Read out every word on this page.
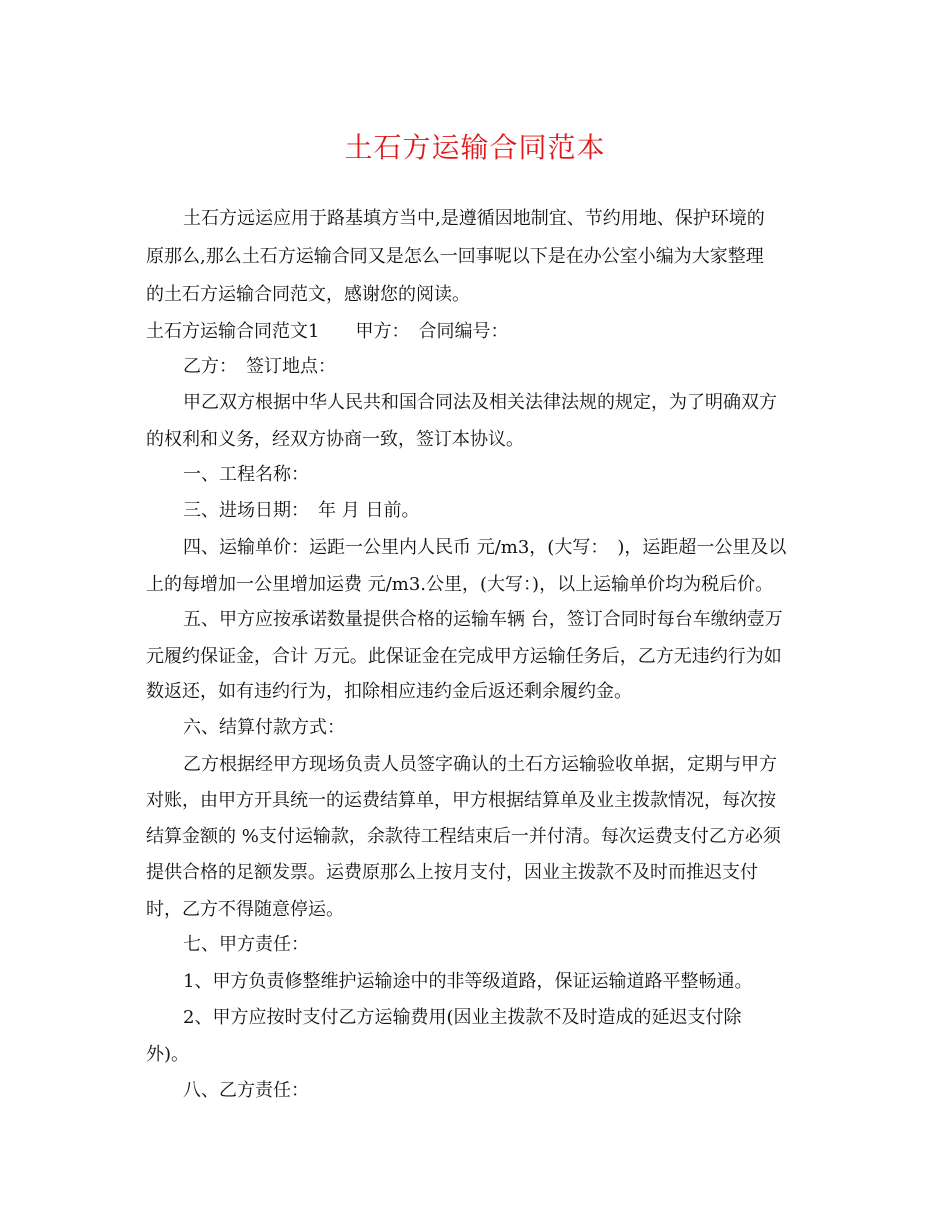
土石方运输合同范本
土石方远运应用于路基填方当中,是遵循因地制宜、节约用地、保护环境的
原那么,那么土石方运输合同又是怎么一回事呢以下是在办公室小编为大家整理
的土石方运输合同范文，感谢您的阅读。
土石方运输合同范文1　　甲方：　合同编号：
乙方：　签订地点：
甲乙双方根据中华人民共和国合同法及相关法律法规的规定，为了明确双方
的权利和义务，经双方协商一致，签订本协议。
一、工程名称：
三、进场日期：　年 月 日前。
四、运输单价：运距一公里内人民币 元/m3，(大写：　)，运距超一公里及以
上的每增加一公里增加运费 元/m3.公里，(大写：)，以上运输单价均为税后价。
五、甲方应按承诺数量提供合格的运输车辆 台，签订合同时每台车缴纳壹万
元履约保证金，合计 万元。此保证金在完成甲方运输任务后，乙方无违约行为如
数返还，如有违约行为，扣除相应违约金后返还剩余履约金。
六、结算付款方式：
乙方根据经甲方现场负责人员签字确认的土石方运输验收单据，定期与甲方
对账，由甲方开具统一的运费结算单，甲方根据结算单及业主拨款情况，每次按
结算金额的 %支付运输款，余款待工程结束后一并付清。每次运费支付乙方必须
提供合格的足额发票。运费原那么上按月支付，因业主拨款不及时而推迟支付
时，乙方不得随意停运。
七、甲方责任：
1、甲方负责修整维护运输途中的非等级道路，保证运输道路平整畅通。
2、甲方应按时支付乙方运输费用(因业主拨款不及时造成的延迟支付除
外)。
八、乙方责任：
